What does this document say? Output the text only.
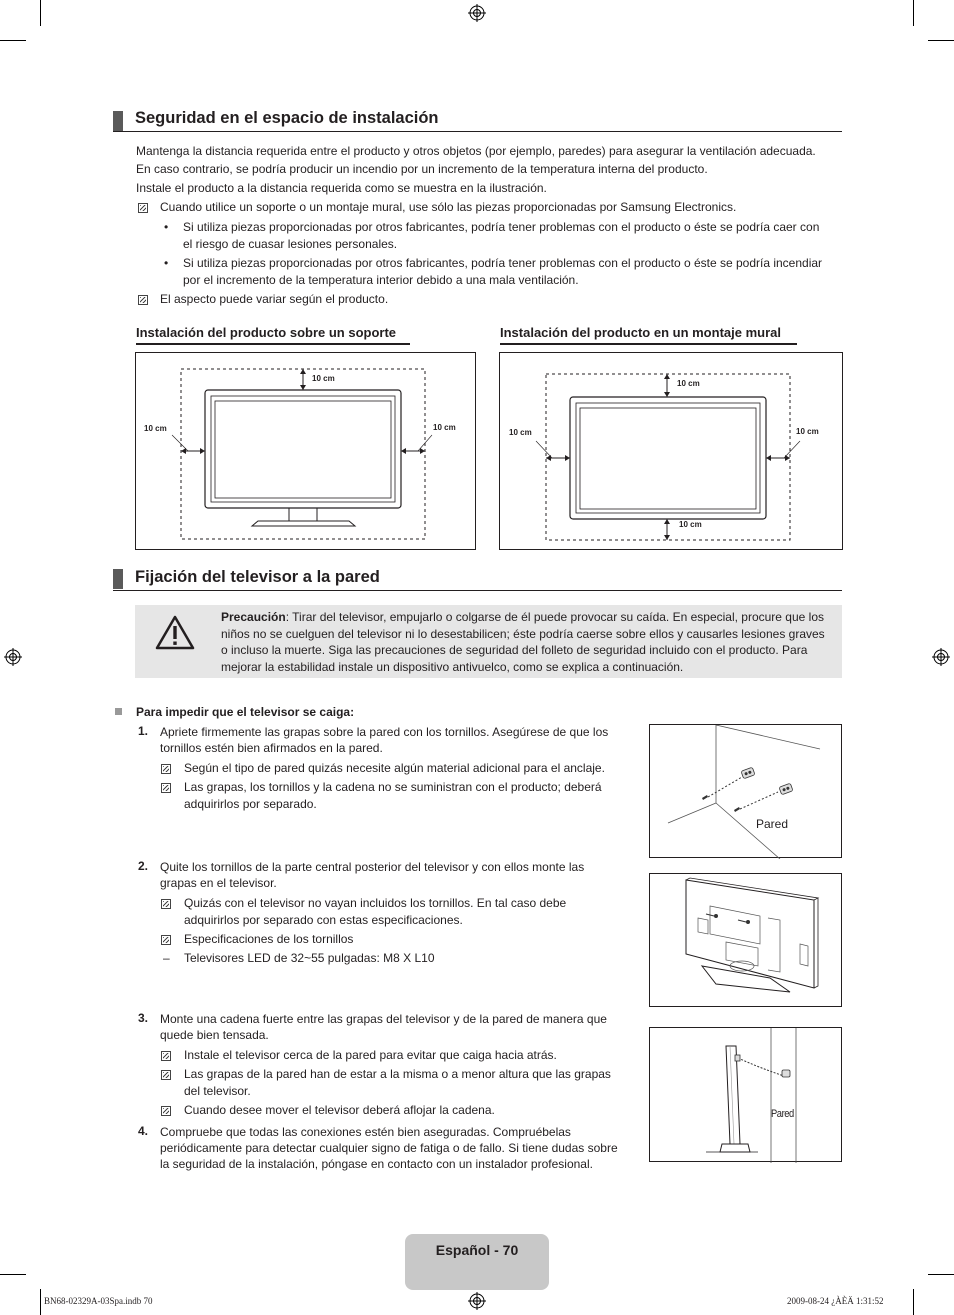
Seguridad en el espacio de instalación
Mantenga la distancia requerida entre el producto y otros objetos (por ejemplo, paredes) para asegurar la ventilación adecuada.
En caso contrario, se podría producir un incendio por un incremento de la temperatura interna del producto.
Instale el producto a la distancia requerida como se muestra en la ilustración.
Cuando utilice un soporte o un montaje mural, use sólo las piezas proporcionadas por Samsung Electronics.
• Si utiliza piezas proporcionadas por otros fabricantes, podría tener problemas con el producto o éste se podría caer con
el riesgo de cuasar lesiones personales.
• Si utiliza piezas proporcionadas por otros fabricantes, podría tener problemas con el producto o éste se podría incendiar
por el incremento de la temperatura interior debido a una mala ventilación.
El aspecto puede variar según el producto.
Instalación del producto sobre un soporte	Instalación del producto en un montaje mural
10 cm
10 cm	10 cm
10 cm
10 cm	10 cm
10 cm
Fijación del televisor a la pared
Precaución: Tirar del televisor, empujarlo o colgarse de él puede provocar su caída. En especial, procure que los
niños no se cuelguen del televisor ni lo desestabilicen; éste podría caerse sobre ellos y causarles lesiones graves
o incluso la muerte. Siga las precauciones de seguridad del folleto de seguridad incluido con el producto. Para
mejorar la estabilidad instale un dispositivo antivuelco, como se explica a continuación.
Para impedir que el televisor se caiga:
1. Apriete firmemente las grapas sobre la pared con los tornillos. Asegúrese de que los
tornillos estén bien afirmados en la pared.
Según el tipo de pared quizás necesite algún material adicional para el anclaje.
Las grapas, los tornillos y la cadena no se suministran con el producto; deberá
adquirirlos por separado.
2. Quite los tornillos de la parte central posterior del televisor y con ellos monte las
grapas en el televisor.
Quizás con el televisor no vayan incluidos los tornillos. En tal caso debe
adquirirlos por separado con estas especificaciones.
Especificaciones de los tornillos
– Televisores LED de 32~55 pulgadas: M8 X L10
3. Monte una cadena fuerte entre las grapas del televisor y de la pared de manera que
quede bien tensada.
Instale el televisor cerca de la pared para evitar que caiga hacia atrás.
Las grapas de la pared han de estar a la misma o a menor altura que las grapas
del televisor.
Cuando desee mover el televisor deberá aflojar la cadena.
4. Compruebe que todas las conexiones estén bien aseguradas. Compruébelas
periódicamente para detectar cualquier signo de fatiga o de fallo. Si tiene dudas sobre
la seguridad de la instalación, póngase en contacto con un instalador profesional.
Pared
Pared
Español - 70
BN68-02329A-03Spa.indb 70	2009-08-24 ¿ÀÈÄ 1:31:52
